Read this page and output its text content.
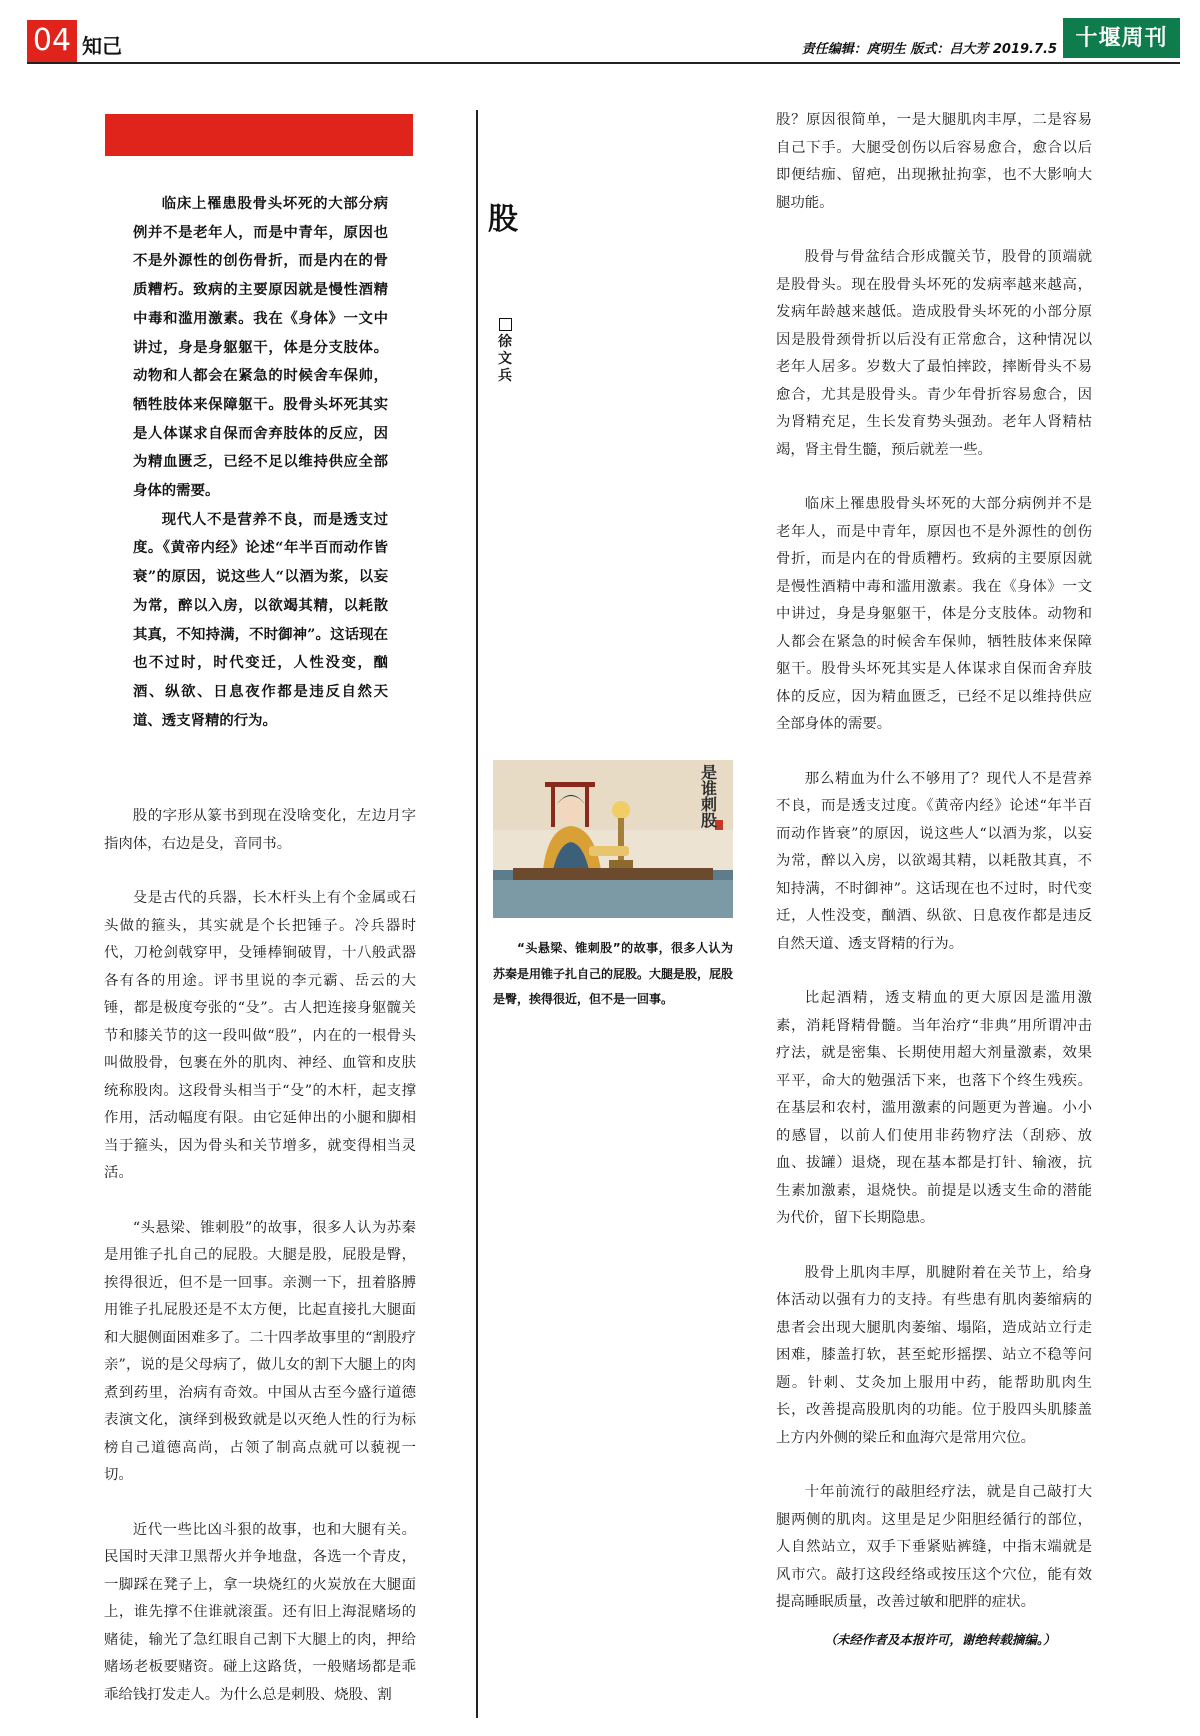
04 知己	责任编辑：庹明生 版式：吕大芳 2019.7.5 十堰周刊

临床上罹患股骨头坏死的大部分病例并不是老年人，而是中青年，原因也不是外源性的创伤骨折，而是内在的骨质糟朽。致病的主要原因就是慢性酒精中毒和滥用激素。我在《身体》一文中讲过，身是身躯躯干，体是分支肢体。动物和人都会在紧急的时候舍车保帅，牺牲肢体来保障躯干。股骨头坏死其实是人体谋求自保而舍弃肢体的反应，因为精血匮乏，已经不足以维持供应全部身体的需要。

现代人不是营养不良，而是透支过度。《黄帝内经》论述“年半百而动作皆衰”的原因，说这些人“以酒为浆，以妄为常，醉以入房，以欲竭其精，以耗散其真，不知持满，不时御神”。这话现在也不过时，时代变迁，人性没变，酗酒、纵欲、日息夜作都是违反自然天道、透支肾精的行为。

股的字形从篆书到现在没啥变化，左边月字指肉体，右边是殳，音同书。

殳是古代的兵器，长木杆头上有个金属或石头做的箍头，其实就是个长把锤子。冷兵器时代，刀枪剑戟穿甲，殳锤棒锏破胃，十八般武器各有各的用途。评书里说的李元霸、岳云的大锤，都是极度夸张的“殳”。古人把连接身躯髋关节和膝关节的这一段叫做“股”，内在的一根骨头叫做股骨，包裹在外的肌肉、神经、血管和皮肤统称股肉。这段骨头相当于“殳”的木杆，起支撑作用，活动幅度有限。由它延伸出的小腿和脚相当于箍头，因为骨头和关节增多，就变得相当灵活。

“头悬梁、锥刺股”的故事，很多人认为苏秦是用锥子扎自己的屁股。大腿是股，屁股是臀，挨得很近，但不是一回事。亲测一下，扭着胳膊用锥子扎屁股还是不太方便，比起直接扎大腿面和大腿侧面困难多了。二十四孝故事里的“割股疗亲”，说的是父母病了，做儿女的割下大腿上的肉煮到药里，治病有奇效。中国从古至今盛行道德表演文化，演绎到极致就是以灭绝人性的行为标榜自己道德高尚，占领了制高点就可以藐视一切。

近代一些比凶斗狠的故事，也和大腿有关。民国时天津卫黑帮火并争地盘，各选一个青皮，一脚踩在凳子上，拿一块烧红的火炭放在大腿面上，谁先撑不住谁就滚蛋。还有旧上海混赌场的赌徒，输光了急红眼自己割下大腿上的肉，押给赌场老板要赌资。碰上这路货，一般赌场都是乖乖给钱打发走人。为什么总是刺股、烧股、割

股
徐
文
兵
是谁刺股

“头悬梁、锥刺股”的故事，很多人认为苏秦是用锥子扎自己的屁股。大腿是股，屁股是臀，挨得很近，但不是一回事。

股？原因很简单，一是大腿肌肉丰厚，二是容易自己下手。大腿受创伤以后容易愈合，愈合以后即便结痂、留疤，出现揪扯拘挛，也不大影响大腿功能。

股骨与骨盆结合形成髋关节，股骨的顶端就是股骨头。现在股骨头坏死的发病率越来越高，发病年龄越来越低。造成股骨头坏死的小部分原因是股骨颈骨折以后没有正常愈合，这种情况以老年人居多。岁数大了最怕摔跤，摔断骨头不易愈合，尤其是股骨头。青少年骨折容易愈合，因为肾精充足，生长发育势头强劲。老年人肾精枯竭，肾主骨生髓，预后就差一些。

临床上罹患股骨头坏死的大部分病例并不是老年人，而是中青年，原因也不是外源性的创伤骨折，而是内在的骨质糟朽。致病的主要原因就是慢性酒精中毒和滥用激素。我在《身体》一文中讲过，身是身躯躯干，体是分支肢体。动物和人都会在紧急的时候舍车保帅，牺牲肢体来保障躯干。股骨头坏死其实是人体谋求自保而舍弃肢体的反应，因为精血匮乏，已经不足以维持供应全部身体的需要。

那么精血为什么不够用了？现代人不是营养不良，而是透支过度。《黄帝内经》论述“年半百而动作皆衰”的原因，说这些人“以酒为浆，以妄为常，醉以入房，以欲竭其精，以耗散其真，不知持满，不时御神”。这话现在也不过时，时代变迁，人性没变，酗酒、纵欲、日息夜作都是违反自然天道、透支肾精的行为。

比起酒精，透支精血的更大原因是滥用激素，消耗肾精骨髓。当年治疗“非典”用所谓冲击疗法，就是密集、长期使用超大剂量激素，效果平平，命大的勉强活下来，也落下个终生残疾。在基层和农村，滥用激素的问题更为普遍。小小的感冒，以前人们使用非药物疗法（刮痧、放血、拔罐）退烧，现在基本都是打针、输液，抗生素加激素，退烧快。前提是以透支生命的潜能为代价，留下长期隐患。

股骨上肌肉丰厚，肌腱附着在关节上，给身体活动以强有力的支持。有些患有肌肉萎缩病的患者会出现大腿肌肉萎缩、塌陷，造成站立行走困难，膝盖打软，甚至蛇形摇摆、站立不稳等问题。针刺、艾灸加上服用中药，能帮助肌肉生长，改善提高股肌肉的功能。位于股四头肌膝盖上方内外侧的梁丘和血海穴是常用穴位。

十年前流行的敲胆经疗法，就是自己敲打大腿两侧的肌肉。这里是足少阳胆经循行的部位，人自然站立，双手下垂紧贴裤缝，中指末端就是风市穴。敲打这段经络或按压这个穴位，能有效提高睡眠质量，改善过敏和肥胖的症状。

（未经作者及本报许可，谢绝转载摘编。）
